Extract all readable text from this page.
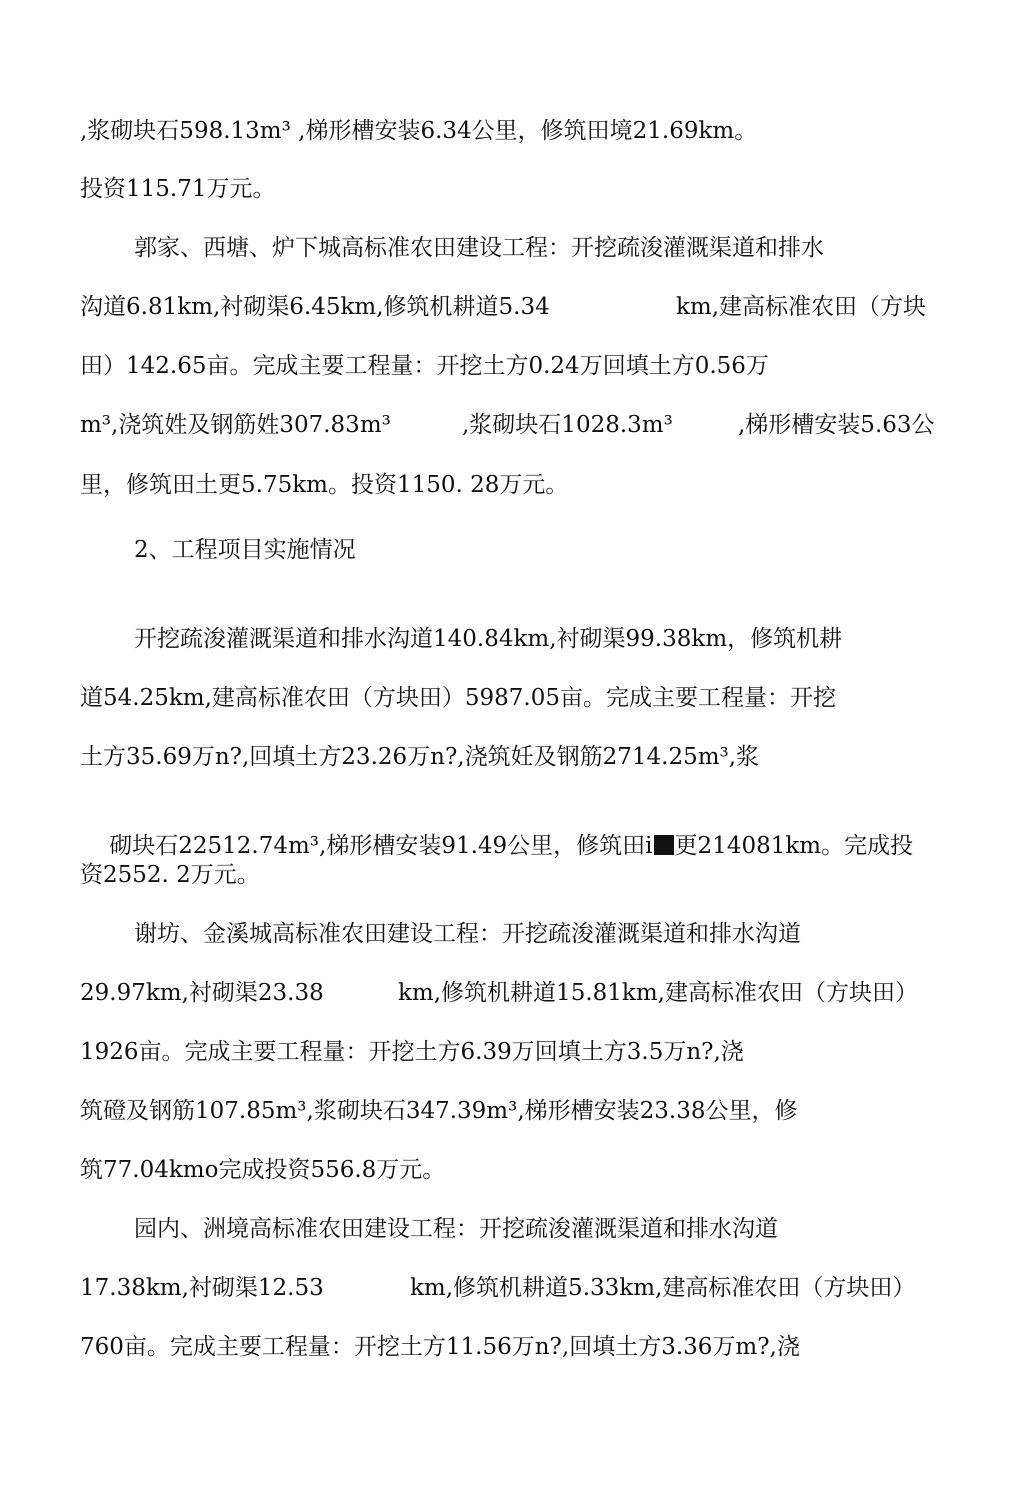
,浆砌块石598.13m³ ,梯形槽安装6.34公里，修筑田境21.69km。

投资115.71万元。

郭家、西塘、炉下城高标准农田建设工程：开挖疏浚灌溉渠道和排水

沟道6.81km,衬砌渠6.45km,修筑机耕道5.34

	km,建高标准农田（方块

田）142.65亩。完成主要工程量：开挖土方0.24万回填土方0.56万

m³,浇筑姓及钢筋姓307.83m³

	,浆砌块石1028.3m³

	,梯形槽安装5.63公

里，修筑田土更5.75km。投资1150. 28万元。

2、工程项目实施情况

开挖疏浚灌溉渠道和排水沟道140.84km,衬砌渠99.38km，修筑机耕

道54.25km,建高标准农田（方块田）5987.05亩。完成主要工程量：开挖

土方35.69万n?,回填土方23.26万n?,浇筑妊及钢筋2714.25m³,浆

砌块石22512.74m³,梯形槽安装91.49公里，修筑田i 更214081km。完成投

资2552. 2万元。

谢坊、金溪城高标准农田建设工程：开挖疏浚灌溉渠道和排水沟道

29.97km,衬砌渠23.38

	km,修筑机耕道15.81km,建高标准农田（方块田）

1926亩。完成主要工程量：开挖土方6.39万回填土方3.5万n?,浇

筑磴及钢筋107.85m³,浆砌块石347.39m³,梯形槽安装23.38公里，修

筑77.04kmo完成投资556.8万元。

园内、洲境高标准农田建设工程：开挖疏浚灌溉渠道和排水沟道

17.38km,衬砌渠12.53

	km,修筑机耕道5.33km,建高标准农田（方块田）

760亩。完成主要工程量：开挖土方11.56万n?,回填土方3.36万m?,浇
